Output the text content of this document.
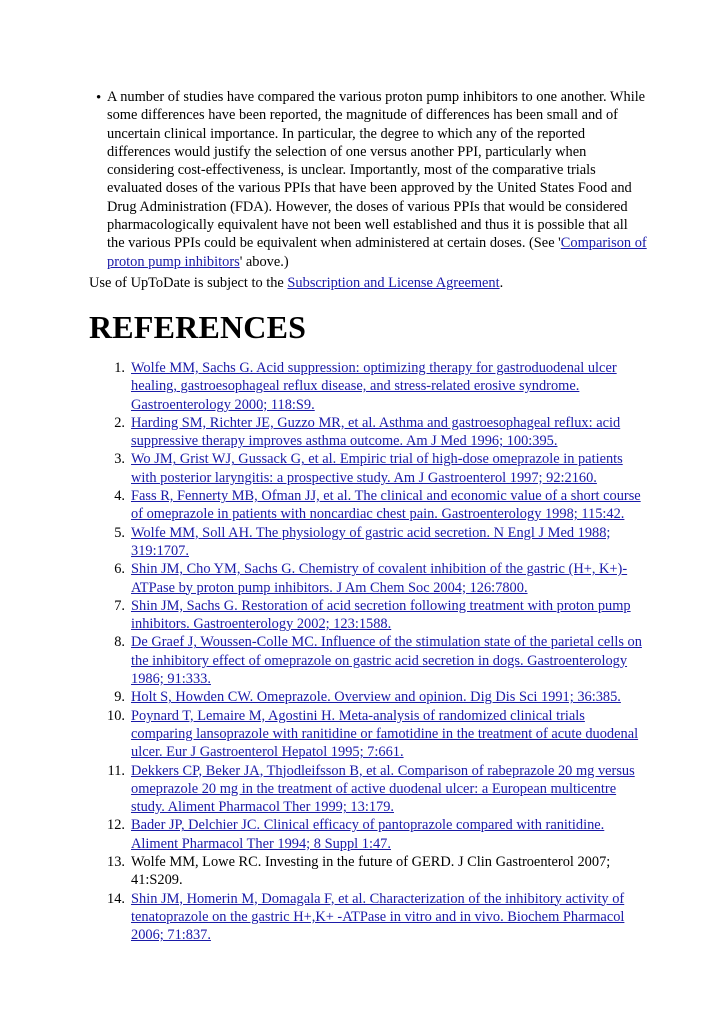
• A number of studies have compared the various proton pump inhibitors to one another. While some differences have been reported, the magnitude of differences has been small and of uncertain clinical importance. In particular, the degree to which any of the reported differences would justify the selection of one versus another PPI, particularly when considering cost-effectiveness, is unclear. Importantly, most of the comparative trials evaluated doses of the various PPIs that have been approved by the United States Food and Drug Administration (FDA). However, the doses of various PPIs that would be considered pharmacologically equivalent have not been well established and thus it is possible that all the various PPIs could be equivalent when administered at certain doses. (See 'Comparison of proton pump inhibitors' above.)

Use of UpToDate is subject to the Subscription and License Agreement.
REFERENCES
1. Wolfe MM, Sachs G. Acid suppression: optimizing therapy for gastroduodenal ulcer healing, gastroesophageal reflux disease, and stress-related erosive syndrome. Gastroenterology 2000; 118:S9.
2. Harding SM, Richter JE, Guzzo MR, et al. Asthma and gastroesophageal reflux: acid suppressive therapy improves asthma outcome. Am J Med 1996; 100:395.
3. Wo JM, Grist WJ, Gussack G, et al. Empiric trial of high-dose omeprazole in patients with posterior laryngitis: a prospective study. Am J Gastroenterol 1997; 92:2160.
4. Fass R, Fennerty MB, Ofman JJ, et al. The clinical and economic value of a short course of omeprazole in patients with noncardiac chest pain. Gastroenterology 1998; 115:42.
5. Wolfe MM, Soll AH. The physiology of gastric acid secretion. N Engl J Med 1988; 319:1707.
6. Shin JM, Cho YM, Sachs G. Chemistry of covalent inhibition of the gastric (H+, K+)-ATPase by proton pump inhibitors. J Am Chem Soc 2004; 126:7800.
7. Shin JM, Sachs G. Restoration of acid secretion following treatment with proton pump inhibitors. Gastroenterology 2002; 123:1588.
8. De Graef J, Woussen-Colle MC. Influence of the stimulation state of the parietal cells on the inhibitory effect of omeprazole on gastric acid secretion in dogs. Gastroenterology 1986; 91:333.
9. Holt S, Howden CW. Omeprazole. Overview and opinion. Dig Dis Sci 1991; 36:385.
10. Poynard T, Lemaire M, Agostini H. Meta-analysis of randomized clinical trials comparing lansoprazole with ranitidine or famotidine in the treatment of acute duodenal ulcer. Eur J Gastroenterol Hepatol 1995; 7:661.
11. Dekkers CP, Beker JA, Thjodleifsson B, et al. Comparison of rabeprazole 20 mg versus omeprazole 20 mg in the treatment of active duodenal ulcer: a European multicentre study. Aliment Pharmacol Ther 1999; 13:179.
12. Bader JP, Delchier JC. Clinical efficacy of pantoprazole compared with ranitidine. Aliment Pharmacol Ther 1994; 8 Suppl 1:47.
13. Wolfe MM, Lowe RC. Investing in the future of GERD. J Clin Gastroenterol 2007; 41:S209.
14. Shin JM, Homerin M, Domagala F, et al. Characterization of the inhibitory activity of tenatoprazole on the gastric H+,K+ -ATPase in vitro and in vivo. Biochem Pharmacol 2006; 71:837.
